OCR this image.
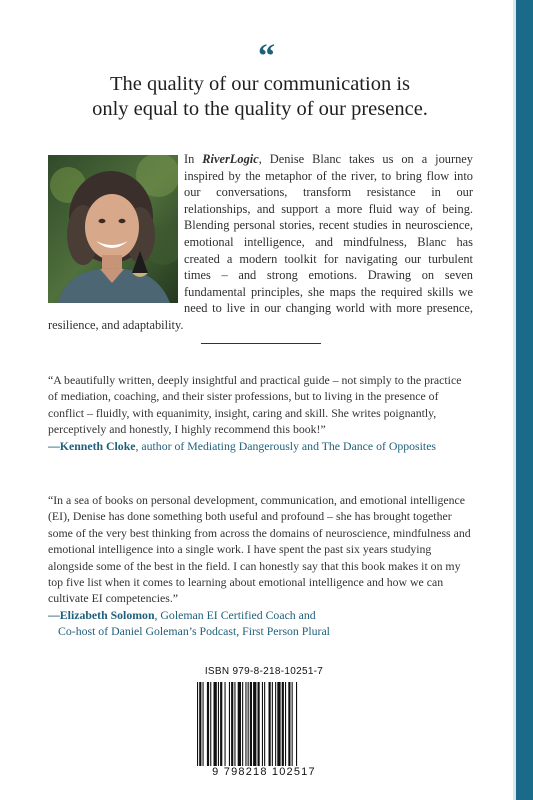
“
The quality of our communication is
only equal to the quality of our presence.
In RiverLogic, Denise Blanc takes us on a journey inspired by the metaphor of the river, to bring flow into our conversations, transform resistance in our relationships, and support a more fluid way of being. Blending personal stories, recent studies in neuroscience, emotional intelligence, and mindfulness, Blanc has created a modern toolkit for navigating our turbulent times – and strong emotions. Drawing on seven fundamental principles, she maps the required skills we need to live in our changing world with more presence, resilience, and adaptability.
“A beautifully written, deeply insightful and practical guide – not simply to the practice of mediation, coaching, and their sister professions, but to living in the presence of conflict – fluidly, with equanimity, insight, caring and skill. She writes poignantly, perceptively and honestly, I highly recommend this book!”
—Kenneth Cloke, author of Mediating Dangerously and The Dance of Opposites
“In a sea of books on personal development, communication, and emotional intelligence (EI), Denise has done something both useful and profound – she has brought together some of the very best thinking from across the domains of neuroscience, mindfulness and emotional intelligence into a single work. I have spent the past six years studying alongside some of the best in the field. I can honestly say that this book makes it on my top five list when it comes to learning about emotional intelligence and how we can cultivate EI competencies.”
—Elizabeth Solomon, Goleman EI Certified Coach and
Co-host of Daniel Goleman’s Podcast, First Person Plural
ISBN 979-8-218-10251-7
9 798218 102517
